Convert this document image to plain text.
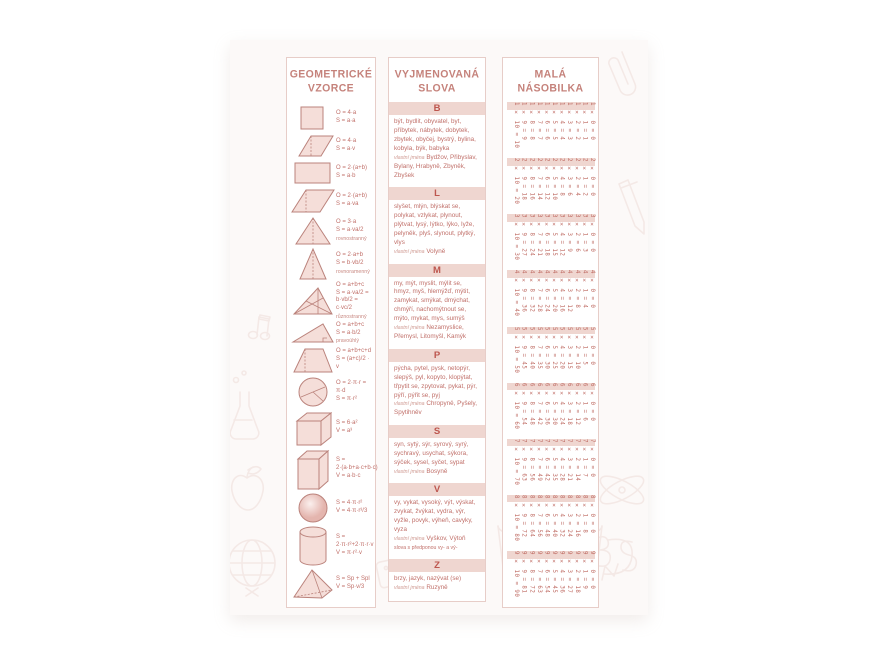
GEOMETRICKÉ
VZORCE
O = 4·a
S = a·a
O = 4·a
S = a·v
O = 2·(a+b)
S = a·b
O = 2·(a+b)
S = a·va
O = 3·a
S = a·va/2
rovnostranný
O = 2·a+b
S = b·vb/2
rovnoramenný
O = a+b+c
S = a·va/2 = b·vb/2 = c·vc/2
různostranný
O = a+b+c
S = a·b/2
pravoúhlý
O = a+b+c+d
S = (a+c)/2 · v
O = 2·π·r = π·d
S = π·r²
S = 6·a²
V = a³
S = 2·(a·b+a·c+b·c)
V = a·b·c
S = 4·π·r²
V = 4·π·r³/3
S = 2·π·r²+2·π·r·v
V = π·r²·v
S = Sp + Spl
V = Sp·v/3
VYJMENOVANÁ
SLOVA
B
být, bydlit, obyvatel, byt, příbytek, nábytek, dobytek, zbytek, obyčej, bystrý, bylina, kobyla, býk, babyka
vlastní jména Bydžov, Přibyslav, Bylany, Hrabyně, Zbyněk, Zbyšek
L
slyšet, mlýn, blýskat se, polykat, vzlykat, plynout, plýtvat, lysý, lýtko, lýko, lyže, pelyněk, plyš, slynout, plytký, vlys
vlastní jména Volyně
M
my, mýt, myslit, mýlit se, hmyz, myš, hlemýžď, mýtit, zamykat, smýkat, dmýchat, chmýří, nachomýtnout se, mýto, mykat, mys, sumýš
vlastní jména Nezamyslice, Přemysl, Litomyšl, Kamýk
P
pýcha, pytel, pysk, netopýr, slepýš, pyl, kopyto, klopýtat, třpytit se, zpytovat, pykat, pýr, pýří, pýřit se, pyj
vlastní jména Chropyně, Pyšely, Spytihněv
S
syn, sytý, sýr, syrový, syrý, sychravý, usychat, sýkora, sýček, sysel, syčet, sypat
vlastní jména Bosyně
V
vy, vykat, vysoký, výt, výskat, zvykat, žvýkat, vydra, výr, vyžle, povyk, výheň, cavyky, vyza
vlastní jména Vyškov, Výtoň
slova s předponou vy- a vý-
Z
brzy, jazyk, nazývat (se)
vlastní jména Ruzyně
MALÁ
NÁSOBILKA
1 × 0 = 0
1 × 1 = 1
1 × 2 = 2
1 × 3 = 3
1 × 4 = 4
1 × 5 = 5
1 × 6 = 6
1 × 7 = 7
1 × 8 = 8
1 × 9 = 9
1 × 10 = 10
2 × 0 = 0
2 × 1 = 2
2 × 2 = 4
2 × 3 = 6
2 × 4 = 8
2 × 5 = 10
2 × 6 = 12
2 × 7 = 14
2 × 8 = 16
2 × 9 = 18
2 × 10 = 20
3 × 0 = 0
3 × 1 = 3
3 × 2 = 6
3 × 3 = 9
3 × 4 = 12
3 × 5 = 15
3 × 6 = 18
3 × 7 = 21
3 × 8 = 24
3 × 9 = 27
3 × 10 = 30
4 × 0 = 0
4 × 1 = 4
4 × 2 = 8
4 × 3 = 12
4 × 4 = 16
4 × 5 = 20
4 × 6 = 24
4 × 7 = 28
4 × 8 = 32
4 × 9 = 36
4 × 10 = 40
5 × 0 = 0
5 × 1 = 5
5 × 2 = 10
5 × 3 = 15
5 × 4 = 20
5 × 5 = 25
5 × 6 = 30
5 × 7 = 35
5 × 8 = 40
5 × 9 = 45
5 × 10 = 50
6 × 0 = 0
6 × 1 = 6
6 × 2 = 12
6 × 3 = 18
6 × 4 = 24
6 × 5 = 30
6 × 6 = 36
6 × 7 = 42
6 × 8 = 48
6 × 9 = 54
6 × 10 = 60
7 × 0 = 0
7 × 1 = 7
7 × 2 = 14
7 × 3 = 21
7 × 4 = 28
7 × 5 = 35
7 × 6 = 42
7 × 7 = 49
7 × 8 = 56
7 × 9 = 63
7 × 10 = 70
8 × 0 = 0
8 × 1 = 8
8 × 2 = 16
8 × 3 = 24
8 × 4 = 32
8 × 5 = 40
8 × 6 = 48
8 × 7 = 56
8 × 8 = 64
8 × 9 = 72
8 × 10 = 80
9 × 0 = 0
9 × 1 = 9
9 × 2 = 18
9 × 3 = 27
9 × 4 = 36
9 × 5 = 45
9 × 6 = 54
9 × 7 = 63
9 × 8 = 72
9 × 9 = 81
9 × 10 = 90
